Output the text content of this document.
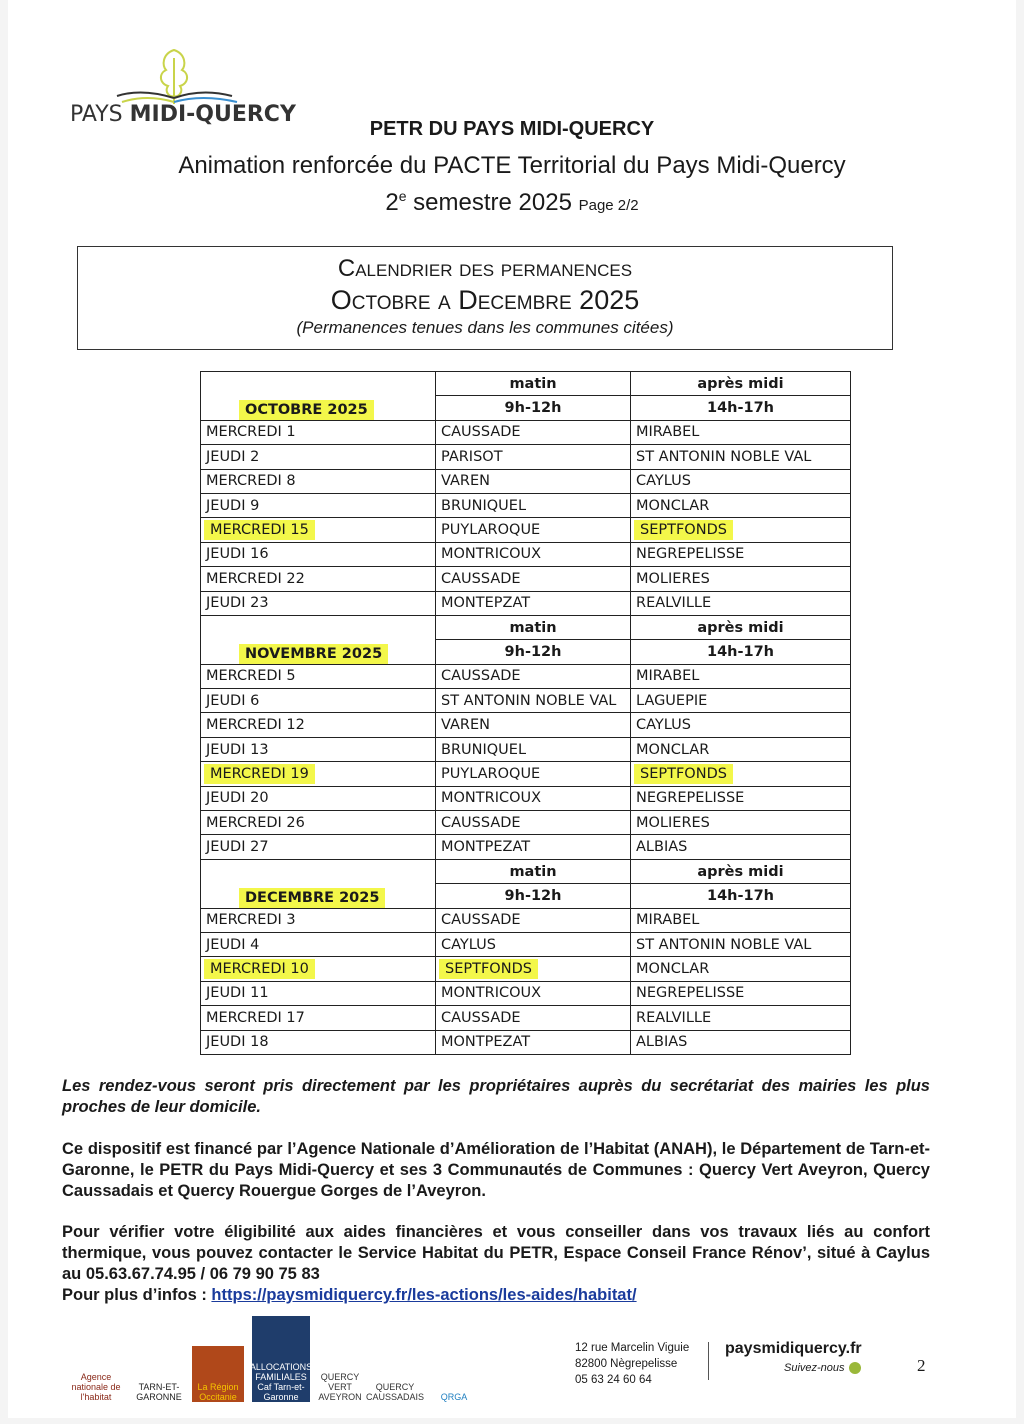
PAYS MIDI-QUERCY
PETR DU PAYS MIDI-QUERCY
Animation renforcée du PACTE Territorial du Pays Midi-Quercy
2e semestre 2025 Page 2/2
Calendrier des permanences
Octobre a Decembre 2025
(Permanences tenues dans les communes citées)
OCTOBRE 2025	matin	après midi
	9h-12h	14h-17h
MERCREDI 1	CAUSSADE	MIRABEL
JEUDI 2	PARISOT	ST ANTONIN NOBLE VAL
MERCREDI 8	VAREN	CAYLUS
JEUDI 9	BRUNIQUEL	MONCLAR
MERCREDI 15	PUYLAROQUE	SEPTFONDS
JEUDI 16	MONTRICOUX	NEGREPELISSE
MERCREDI 22	CAUSSADE	MOLIERES
JEUDI 23	MONTEPZAT	REALVILLE
NOVEMBRE 2025	matin	après midi
	9h-12h	14h-17h
MERCREDI 5	CAUSSADE	MIRABEL
JEUDI 6	ST ANTONIN NOBLE VAL	LAGUEPIE
MERCREDI 12	VAREN	CAYLUS
JEUDI 13	BRUNIQUEL	MONCLAR
MERCREDI 19	PUYLAROQUE	SEPTFONDS
JEUDI 20	MONTRICOUX	NEGREPELISSE
MERCREDI 26	CAUSSADE	MOLIERES
JEUDI 27	MONTPEZAT	ALBIAS
DECEMBRE 2025	matin	après midi
	9h-12h	14h-17h
MERCREDI 3	CAUSSADE	MIRABEL
JEUDI 4	CAYLUS	ST ANTONIN NOBLE VAL
MERCREDI 10	SEPTFONDS	MONCLAR
JEUDI 11	MONTRICOUX	NEGREPELISSE
MERCREDI 17	CAUSSADE	REALVILLE
JEUDI 18	MONTPEZAT	ALBIAS
Les rendez-vous seront pris directement par les propriétaires auprès du secrétariat des mairies les plus proches de leur domicile.
Ce dispositif est financé par l’Agence Nationale d’Amélioration de l’Habitat (ANAH), le Département de Tarn-et-Garonne, le PETR du Pays Midi-Quercy et ses 3 Communautés de Communes : Quercy Vert Aveyron, Quercy Caussadais et Quercy Rouergue Gorges de l’Aveyron.
Pour vérifier votre éligibilité aux aides financières et vous conseiller dans vos travaux liés au confort thermique, vous pouvez contacter le Service Habitat du PETR, Espace Conseil France Rénov’, situé à Caylus au 05.63.67.74.95 / 06 79 90 75 83
Pour plus d’infos : https://paysmidiquercy.fr/les-actions/les-aides/habitat/
Agence nationale de l'habitat
TARN-ET-GARONNE
La Région Occitanie
ALLOCATIONS FAMILIALES Caf Tarn-et-Garonne
QUERCY VERT AVEYRON
QUERCY CAUSSADAIS QRGA
12 rue Marcelin Viguie
82800 Nègrepelisse
05 63 24 60 64
paysmidiquercy.fr
Suivez-nous	2
